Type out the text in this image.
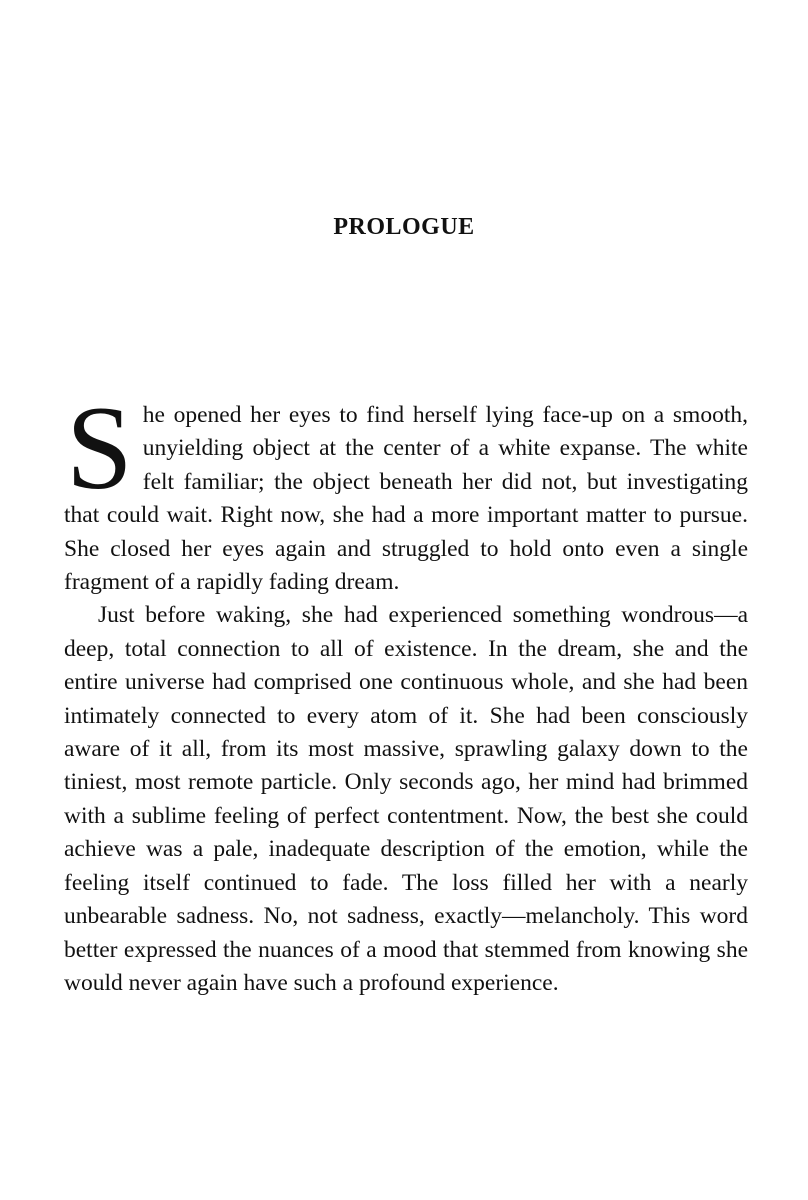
PROLOGUE

She opened her eyes to find herself lying face-up on a smooth, unyielding object at the center of a white expanse. The white felt familiar; the object beneath her did not, but investigating that could wait. Right now, she had a more important matter to pursue. She closed her eyes again and struggled to hold onto even a single fragment of a rapidly fading dream.

Just before waking, she had experienced something wondrous—a deep, total connection to all of existence. In the dream, she and the entire universe had comprised one continuous whole, and she had been intimately connected to every atom of it. She had been consciously aware of it all, from its most massive, sprawling galaxy down to the tiniest, most remote particle. Only seconds ago, her mind had brimmed with a sublime feeling of perfect contentment. Now, the best she could achieve was a pale, inadequate description of the emotion, while the feeling itself continued to fade. The loss filled her with a nearly unbearable sadness. No, not sadness, exactly—melancholy. This word better expressed the nuances of a mood that stemmed from knowing she would never again have such a profound experience.
